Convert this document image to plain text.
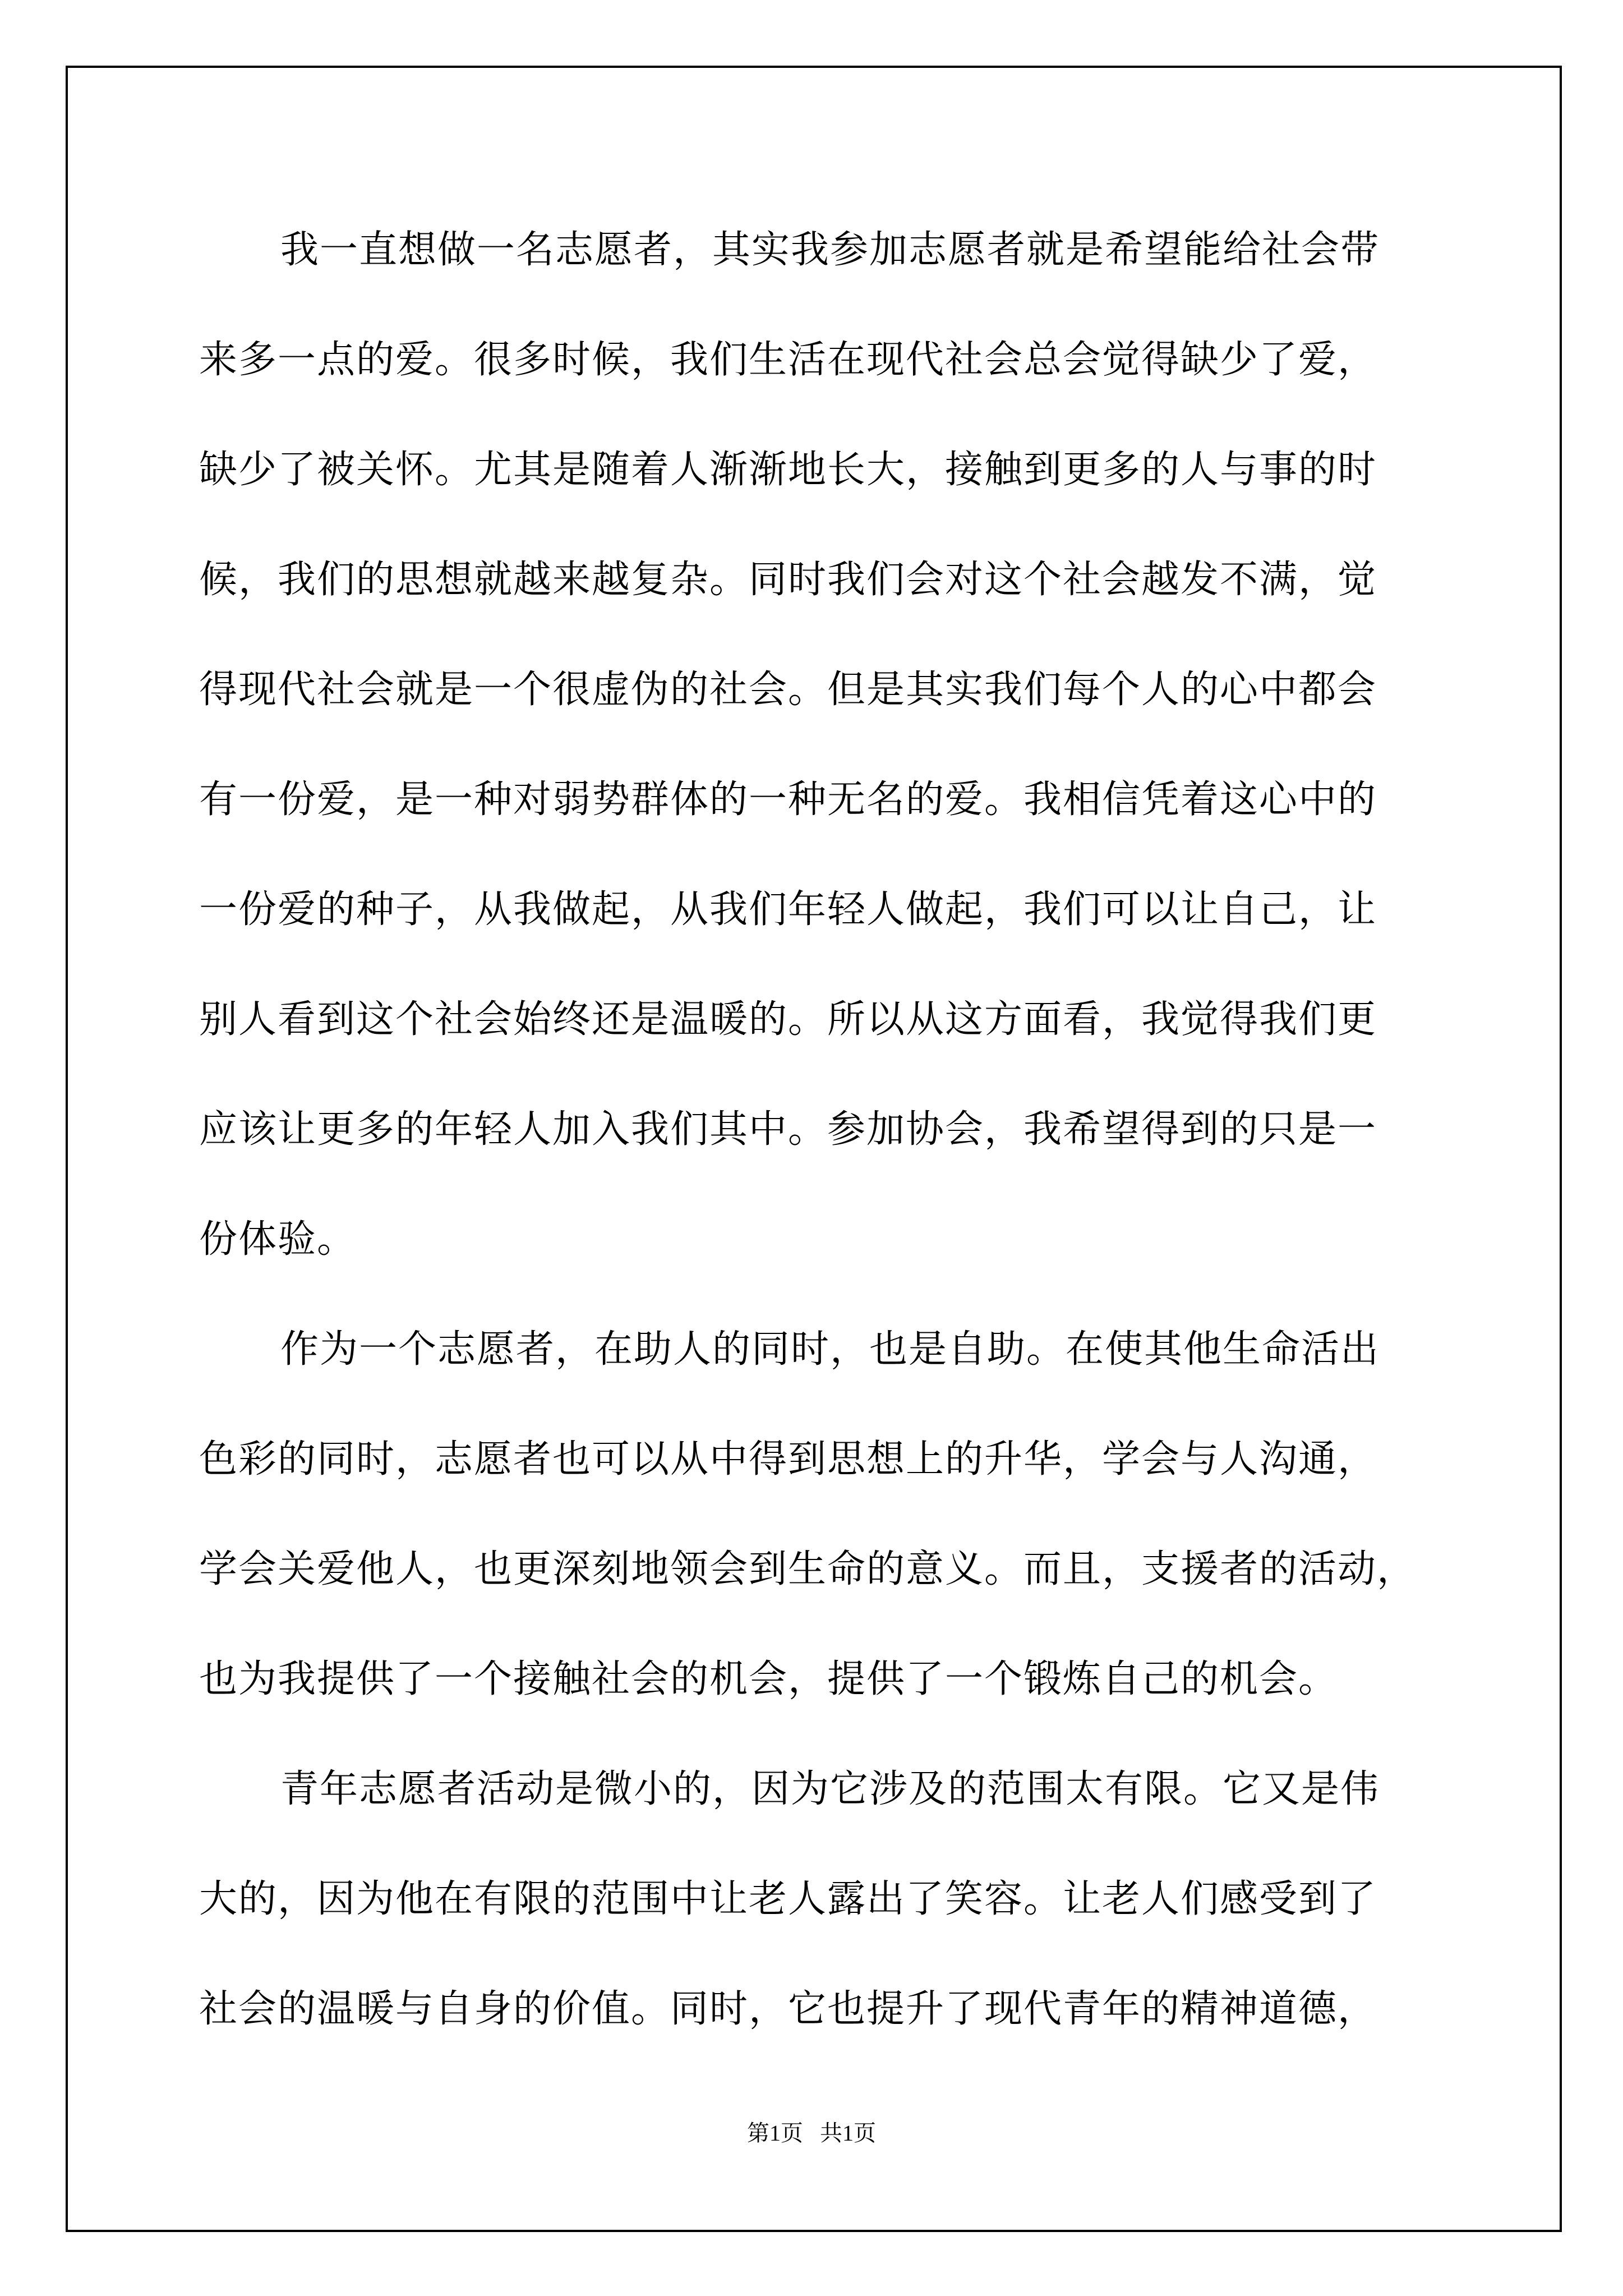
我一直想做一名志愿者，其实我参加志愿者就是希望能给社会带
来多一点的爱。很多时候，我们生活在现代社会总会觉得缺少了爱，
缺少了被关怀。尤其是随着人渐渐地长大，接触到更多的人与事的时
候，我们的思想就越来越复杂。同时我们会对这个社会越发不满，觉
得现代社会就是一个很虚伪的社会。但是其实我们每个人的心中都会
有一份爱，是一种对弱势群体的一种无名的爱。我相信凭着这心中的
一份爱的种子，从我做起，从我们年轻人做起，我们可以让自己，让
别人看到这个社会始终还是温暖的。所以从这方面看，我觉得我们更
应该让更多的年轻人加入我们其中。参加协会，我希望得到的只是一
份体验。
作为一个志愿者，在助人的同时，也是自助。在使其他生命活出
色彩的同时，志愿者也可以从中得到思想上的升华，学会与人沟通，
学会关爱他人，也更深刻地领会到生命的意义。而且，支援者的活动，
也为我提供了一个接触社会的机会，提供了一个锻炼自己的机会。
青年志愿者活动是微小的，因为它涉及的范围太有限。它又是伟
大的，因为他在有限的范围中让老人露出了笑容。让老人们感受到了
社会的温暖与自身的价值。同时，它也提升了现代青年的精神道德，
第1页   共1页
